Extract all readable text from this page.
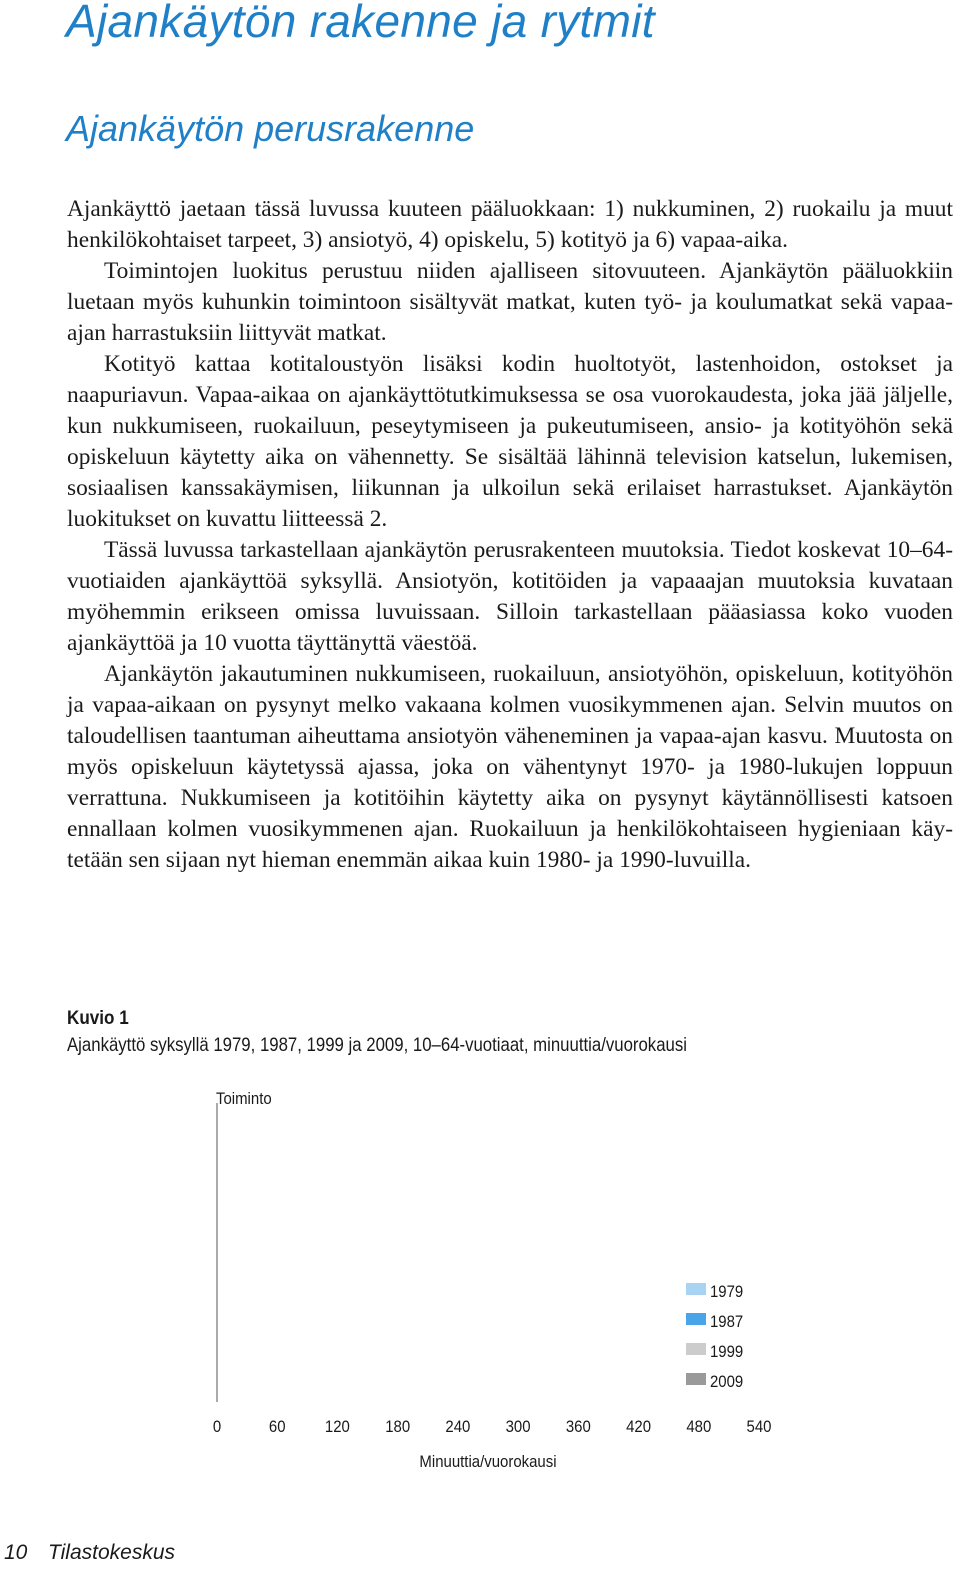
Ajankäytön rakenne ja rytmit
Ajankäytön perusrakenne

Ajankäyttö jaetaan tässä luvussa kuuteen pääluokkaan: 1) nukkuminen, 2) ruokailu ja muut henkilökohtaiset tarpeet, 3) ansiotyö, 4) opiskelu, 5) kotityö ja 6) vapaa-aika.

Toimintojen luokitus perustuu niiden ajalliseen sitovuuteen. Ajankäytön pääluokkiin luetaan myös kuhunkin toimintoon sisältyvät matkat, kuten työ- ja koulumatkat sekä vapaa-ajan harrastuksiin liittyvät matkat.

Kotityö kattaa kotitaloustyön lisäksi kodin huoltotyöt, lastenhoidon, ostokset ja naapuriavun. Vapaa-aikaa on ajankäyttötutkimuksessa se osa vuorokaudesta, joka jää jäljelle, kun nukkumiseen, ruokailuun, peseytymiseen ja pukeutumiseen, ansio- ja kotityöhön sekä opiskeluun käytetty aika on vähennetty. Se sisältää lähinnä television katselun, lukemisen, sosiaalisen kanssakäymisen, liikunnan ja ulkoilun sekä erilaiset harrastukset. Ajankäytön luokitukset on kuvattu liitteessä 2.

Tässä luvussa tarkastellaan ajankäytön perusrakenteen muutoksia. Tiedot koskevat 10–64-vuotiaiden ajankäyttöä syksyllä. Ansiotyön, kotitöiden ja vapaaajan muutoksia kuvataan myöhemmin erikseen omissa luvuissaan. Silloin tarkastellaan pääasiassa koko vuoden ajankäyttöä ja 10 vuotta täyttänyttä väestöä.

Ajankäytön jakautuminen nukkumiseen, ruokailuun, ansiotyöhön, opiskeluun, kotityöhön ja vapaa-aikaan on pysynyt melko vakaana kolmen vuosikymmenen ajan. Selvin muutos on taloudellisen taantuman aiheuttama ansiotyön väheneminen ja vapaa-ajan kasvu. Muutosta on myös opiskeluun käytetyssä ajassa, joka on vähentynyt 1970- ja 1980-lukujen loppuun verrattuna. Nukkumiseen ja kotitöihin käytetty aika on pysynyt käytännöllisesti katsoen ennallaan kolmen vuosikymmenen ajan. Ruokailuun ja henkilökohtaiseen hygieniaan käytetään sen sijaan nyt hieman enemmän aikaa kuin 1980- ja 1990-luvuilla.

Kuvio 1
Ajankäyttö syksyllä 1979, 1987, 1999 ja 2009, 10–64-vuotiaat, minuuttia/vuorokausi
0	60 120 180 240 300 360 420 480 540
1979
1987
1999
2009
Toiminto
Minuuttia/vuorokausi
10 Tilastokeskus
